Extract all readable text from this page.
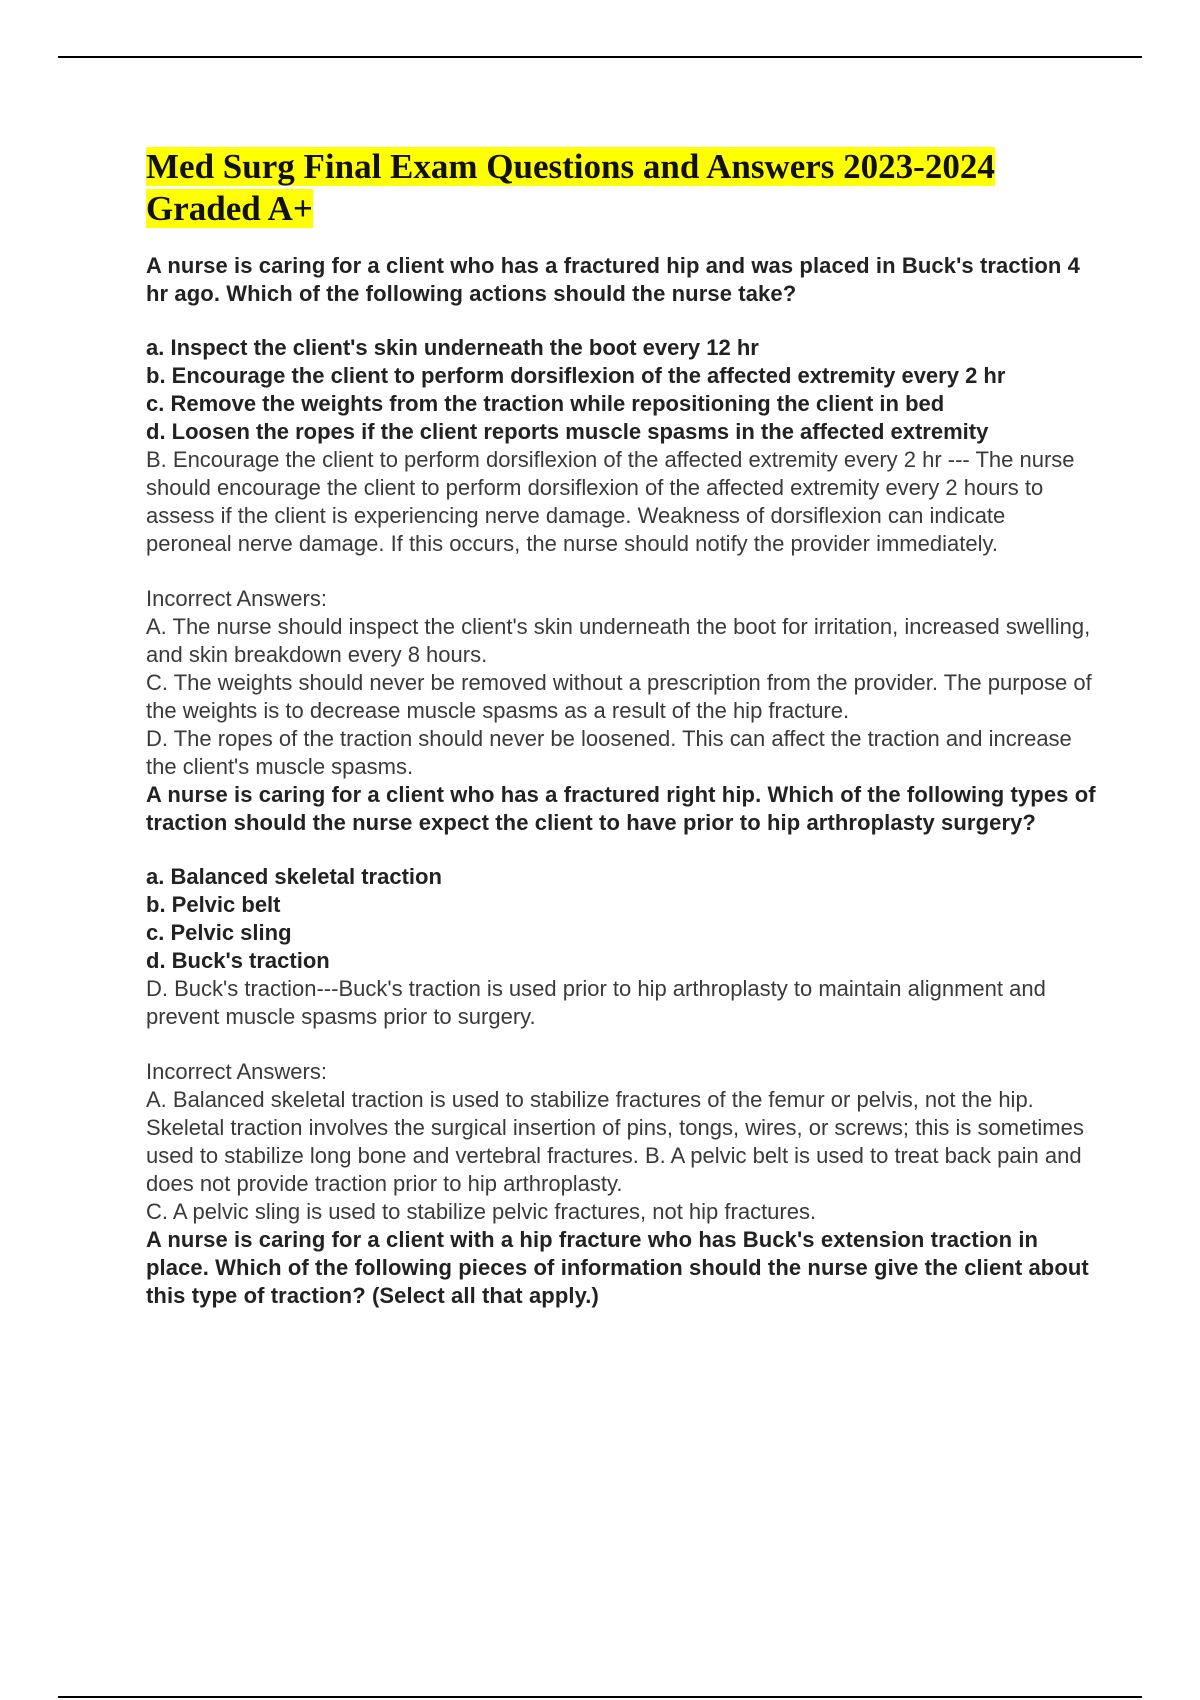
Med Surg Final Exam Questions and Answers 2023-2024
Graded A+

A nurse is caring for a client who has a fractured hip and was placed in Buck's traction 4 hr ago. Which of the following actions should the nurse take?

a. Inspect the client's skin underneath the boot every 12 hr

b. Encourage the client to perform dorsiflexion of the affected extremity every 2 hr

c. Remove the weights from the traction while repositioning the client in bed

d. Loosen the ropes if the client reports muscle spasms in the affected extremity

B. Encourage the client to perform dorsiflexion of the affected extremity every 2 hr --- The nurse should encourage the client to perform dorsiflexion of the affected extremity every 2 hours to assess if the client is experiencing nerve damage. Weakness of dorsiflexion can indicate peroneal nerve damage. If this occurs, the nurse should notify the provider immediately.

Incorrect Answers:

A. The nurse should inspect the client's skin underneath the boot for irritation, increased swelling, and skin breakdown every 8 hours.

C. The weights should never be removed without a prescription from the provider. The purpose of the weights is to decrease muscle spasms as a result of the hip fracture.

D. The ropes of the traction should never be loosened. This can affect the traction and increase the client's muscle spasms.

A nurse is caring for a client who has a fractured right hip. Which of the following types of traction should the nurse expect the client to have prior to hip arthroplasty surgery?

a. Balanced skeletal traction

b. Pelvic belt

c. Pelvic sling

d. Buck's traction

D. Buck's traction---Buck's traction is used prior to hip arthroplasty to maintain alignment and prevent muscle spasms prior to surgery.

Incorrect Answers:

A. Balanced skeletal traction is used to stabilize fractures of the femur or pelvis, not the hip. Skeletal traction involves the surgical insertion of pins, tongs, wires, or screws; this is sometimes used to stabilize long bone and vertebral fractures. B. A pelvic belt is used to treat back pain and does not provide traction prior to hip arthroplasty.

C. A pelvic sling is used to stabilize pelvic fractures, not hip fractures.

A nurse is caring for a client with a hip fracture who has Buck's extension traction in place. Which of the following pieces of information should the nurse give the client about this type of traction? (Select all that apply.)
